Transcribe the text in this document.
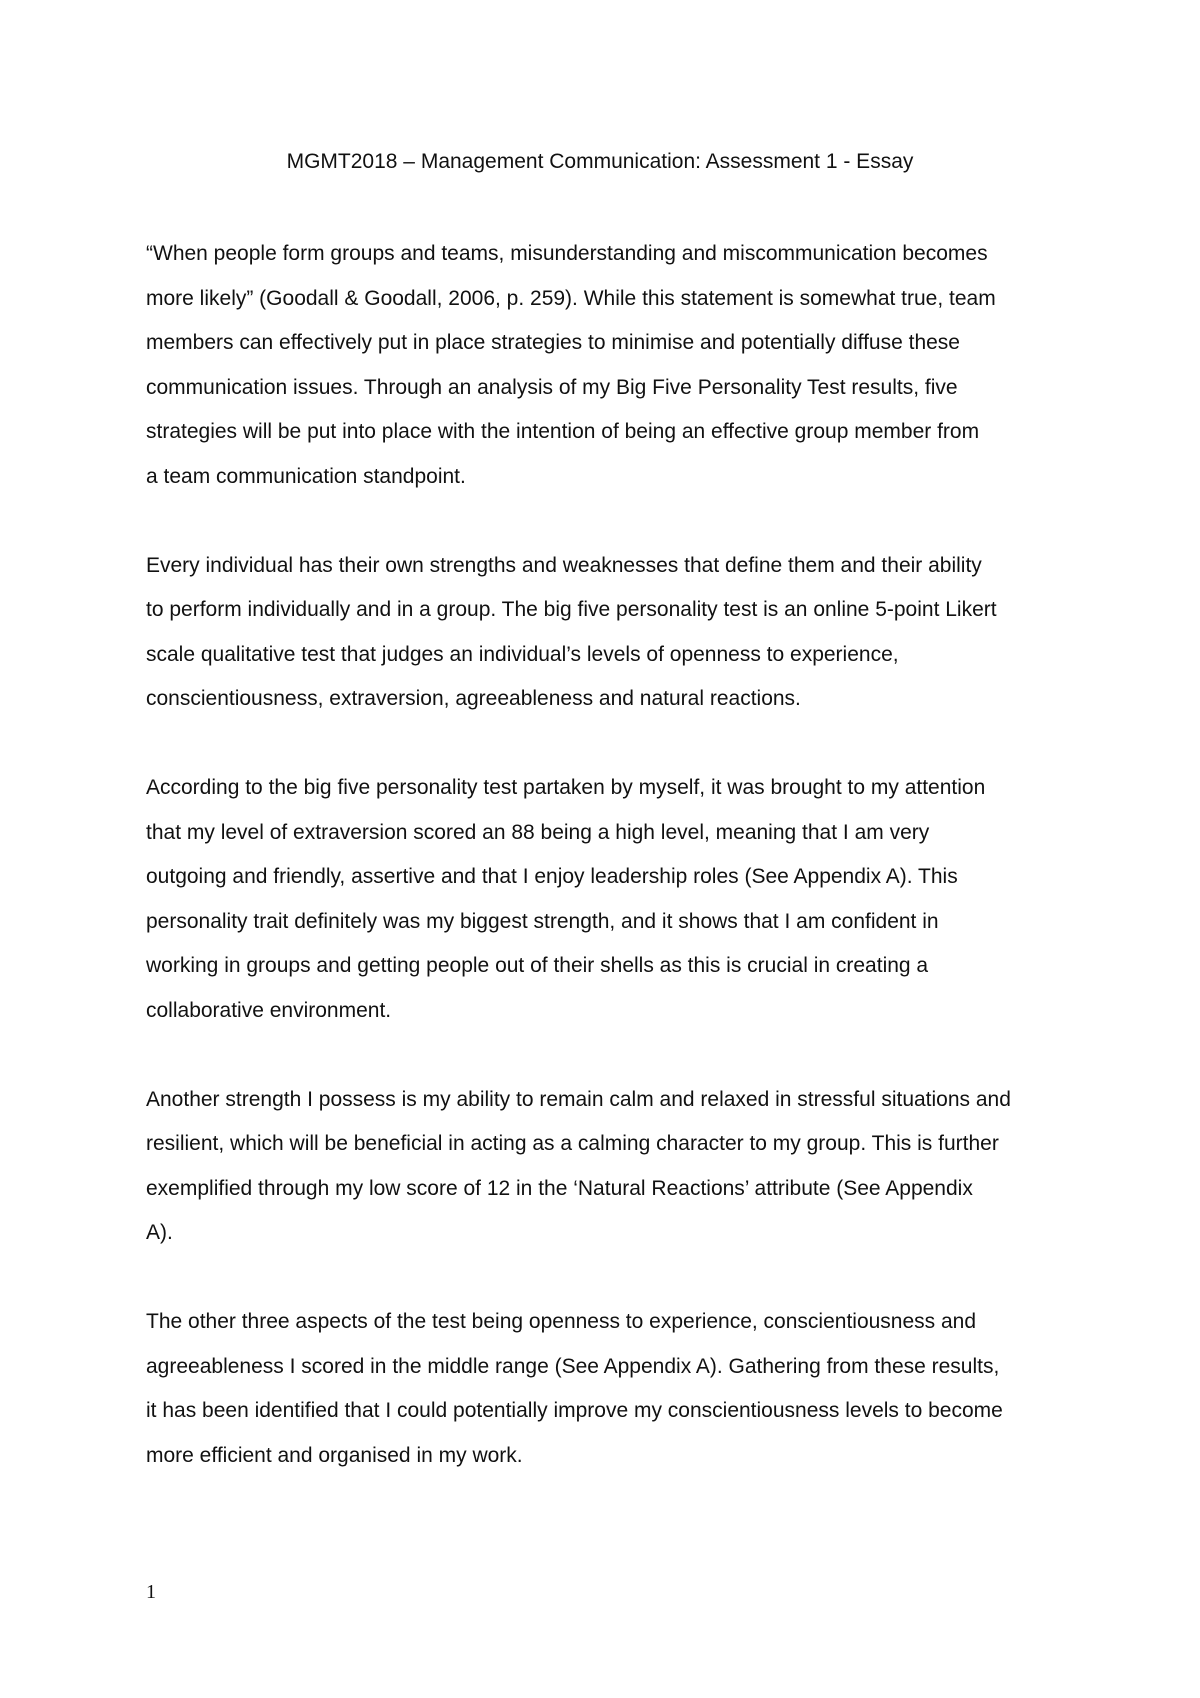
MGMT2018 – Management Communication: Assessment 1 - Essay

“When people form groups and teams, misunderstanding and miscommunication becomes
more likely” (Goodall & Goodall, 2006, p. 259). While this statement is somewhat true, team
members can effectively put in place strategies to minimise and potentially diffuse these
communication issues. Through an analysis of my Big Five Personality Test results, five
strategies will be put into place with the intention of being an effective group member from
a team communication standpoint.

Every individual has their own strengths and weaknesses that define them and their ability
to perform individually and in a group. The big five personality test is an online 5-point Likert
scale qualitative test that judges an individual’s levels of openness to experience,
conscientiousness, extraversion, agreeableness and natural reactions.

According to the big five personality test partaken by myself, it was brought to my attention
that my level of extraversion scored an 88 being a high level, meaning that I am very
outgoing and friendly, assertive and that I enjoy leadership roles (See Appendix A). This
personality trait definitely was my biggest strength, and it shows that I am confident in
working in groups and getting people out of their shells as this is crucial in creating a
collaborative environment.

Another strength I possess is my ability to remain calm and relaxed in stressful situations and
resilient, which will be beneficial in acting as a calming character to my group. This is further
exemplified through my low score of 12 in the ‘Natural Reactions’ attribute (See Appendix
A).

The other three aspects of the test being openness to experience, conscientiousness and
agreeableness I scored in the middle range (See Appendix A). Gathering from these results,
it has been identified that I could potentially improve my conscientiousness levels to become
more efficient and organised in my work.

1
